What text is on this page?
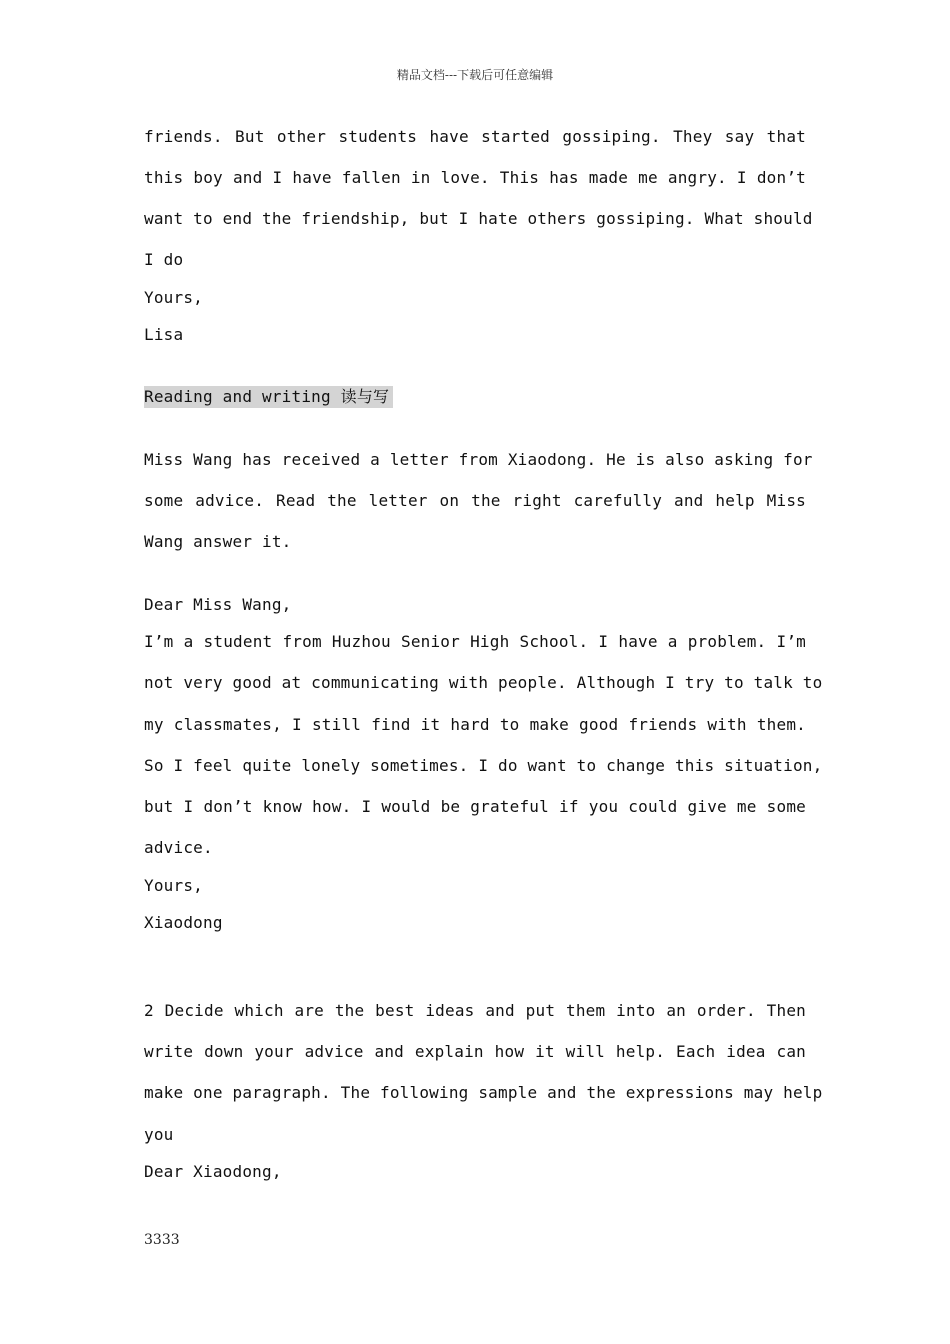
精品文档---下载后可任意编辑
friends. But other students have started gossiping. They say that
this boy and I have fallen in love. This has made me angry. I don’t
want to end the friendship, but I hate others gossiping. What should
I do
Yours,
Lisa
Reading and writing 读与写
Miss Wang has received a letter from Xiaodong. He is also asking for
some advice. Read the letter on the right carefully and help Miss
Wang answer it.
Dear Miss Wang,
I’m a student from Huzhou Senior High School. I have a problem. I’m
not very good at communicating with people. Although I try to talk to
my classmates, I still find it hard to make good friends with them.
So I feel quite lonely sometimes. I do want to change this situation,
but I don’t know how. I would be grateful if you could give me some
advice.
Yours,
Xiaodong
2 Decide which are the best ideas and put them into an order. Then
write down your advice and explain how it will help. Each idea can
make one paragraph. The following sample and the expressions may help
you
Dear Xiaodong,
3333
